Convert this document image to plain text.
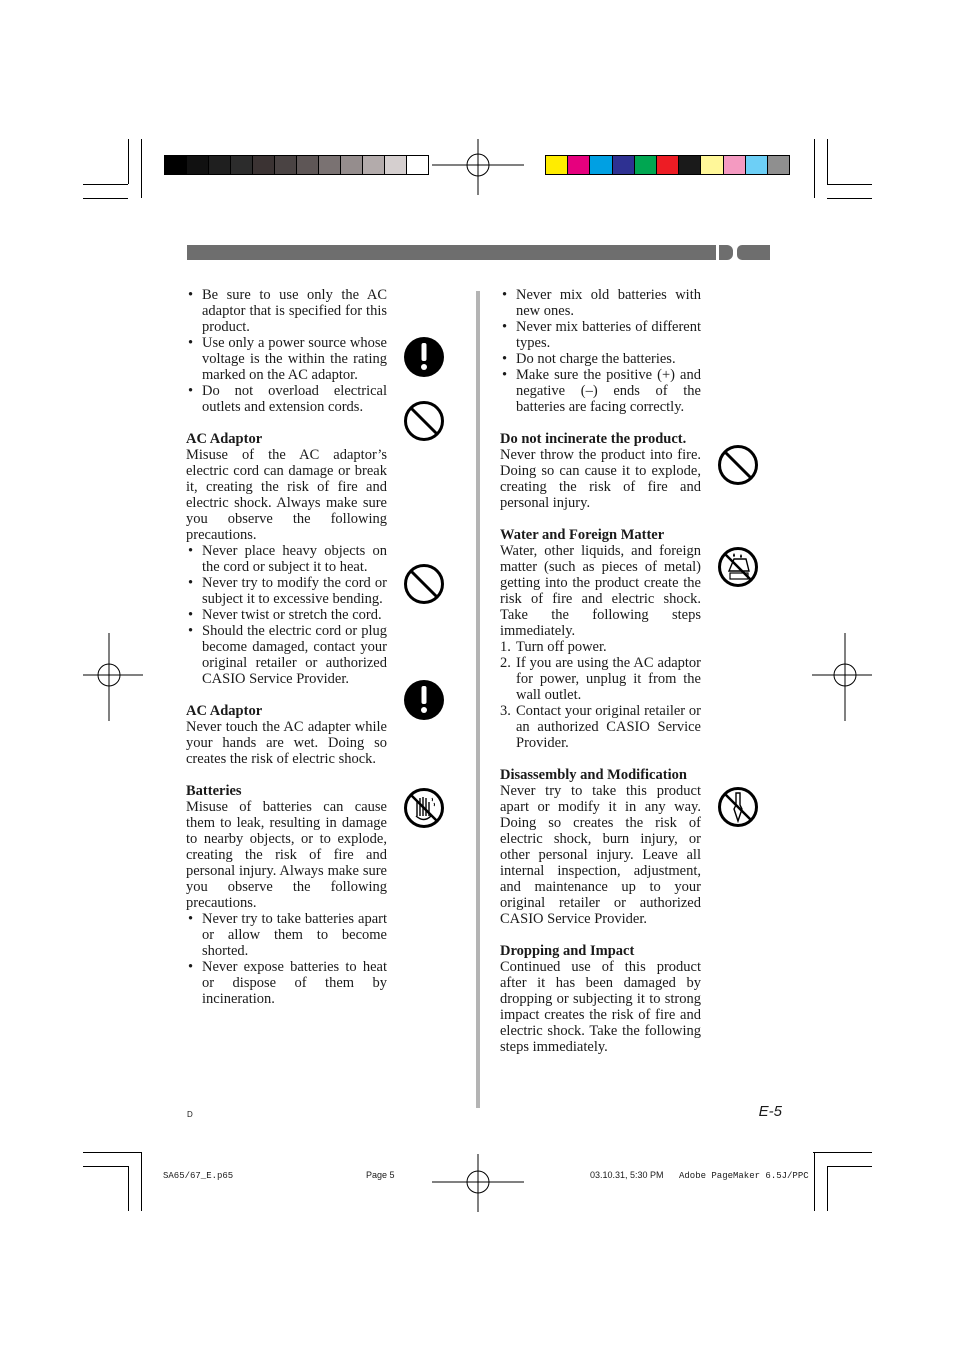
• Be sure to use only the AC adaptor that is specified for this product.
• Use only a power source whose voltage is the within the rating marked on the AC adaptor.
• Do not overload electrical outlets and extension cords.

AC Adaptor

Misuse of the AC adaptor’s electric cord can damage or break it, creating the risk of fire and electric shock. Always make sure you observe the following precautions.

• Never place heavy objects on the cord or subject it to heat.
• Never try to modify the cord or subject it to excessive bending.
• Never twist or stretch the cord.
• Should the electric cord or plug become damaged, contact your original retailer or authorized CASIO Service Provider.

AC Adaptor

Never touch the AC adapter while your hands are wet. Doing so creates the risk of electric shock.

Batteries

Misuse of batteries can cause them to leak, resulting in damage to nearby objects, or to explode, creating the risk of fire and personal injury. Always make sure you observe the following precautions.

• Never try to take batteries apart or allow them to become shorted.
• Never expose batteries to heat or dispose of them by incineration.
• Never mix old batteries with new ones.
• Never mix batteries of different types.
• Do not charge the batteries.
• Make sure the positive (+) and negative (–) ends of the batteries are facing correctly.

Do not incinerate the product.

Never throw the product into fire. Doing so can cause it to explode, creating the risk of fire and personal injury.

Water and Foreign Matter

Water, other liquids, and foreign matter (such as pieces of metal) getting into the product create the risk of fire and electric shock. Take the following steps immediately.

1. Turn off power.
2. If you are using the AC adaptor for power, unplug it from the wall outlet.
3. Contact your original retailer or an authorized CASIO Service Provider.

Disassembly and Modification

Never try to take this product apart or modify it in any way. Doing so creates the risk of electric shock, burn injury, or other personal injury. Leave all internal inspection, adjustment, and maintenance up to your original retailer or authorized CASIO Service Provider.

Dropping and Impact

Continued use of this product after it has been damaged by dropping or subjecting it to strong impact creates the risk of fire and electric shock. Take the following steps immediately.

D	E-5
SA65/67_E.p65	Page 5	03.10.31, 5:30 PM Adobe PageMaker 6.5J/PPC
